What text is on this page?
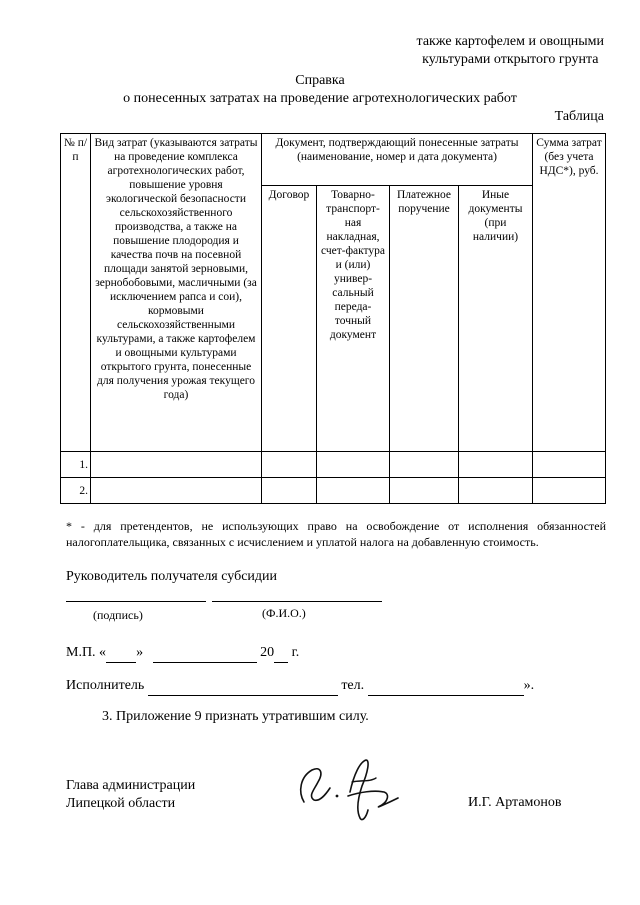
также картофелем и овощными
культурами открытого грунта
Справка
о понесенных затратах на проведение агротехнологических работ
Таблица
№ п/п	Вид затрат (указываются затраты на проведение комплекса агротехнологических работ, повышение уровня экологической безопасности сельскохозяйственного производства, а также на повышение плодородия и качества почв на посевной площади занятой зерновыми, зернобобовыми, масличными (за исключением рапса и сои), кормовыми сельскохозяйственными культурами, а также картофелем и овощными культурами открытого грунта, понесенные для получения урожая текущего года)	Документ, подтверждающий понесенные затраты (наименование, номер и дата документа)				Сумма затрат (без учета НДС*), руб.
		Договор	Товарно-транспорт-ная накладная, счет-фактура и (или) универ-сальный переда-точный документ	Платежное поручение	Иные документы (при наличии)	
1.						
2.						
* - для претендентов, не использующих право на освобождение от исполнения обязанностей налогоплательщика, связанных с исчислением и уплатой налога на добавленную стоимость.
Руководитель получателя субсидии
(подпись)	(Ф.И.О.)
М.П. « »	20 г.
Исполнитель	тел.	».
3. Приложение 9 признать утратившим силу.
Глава администрации
Липецкой области	И.Г. Артамонов
